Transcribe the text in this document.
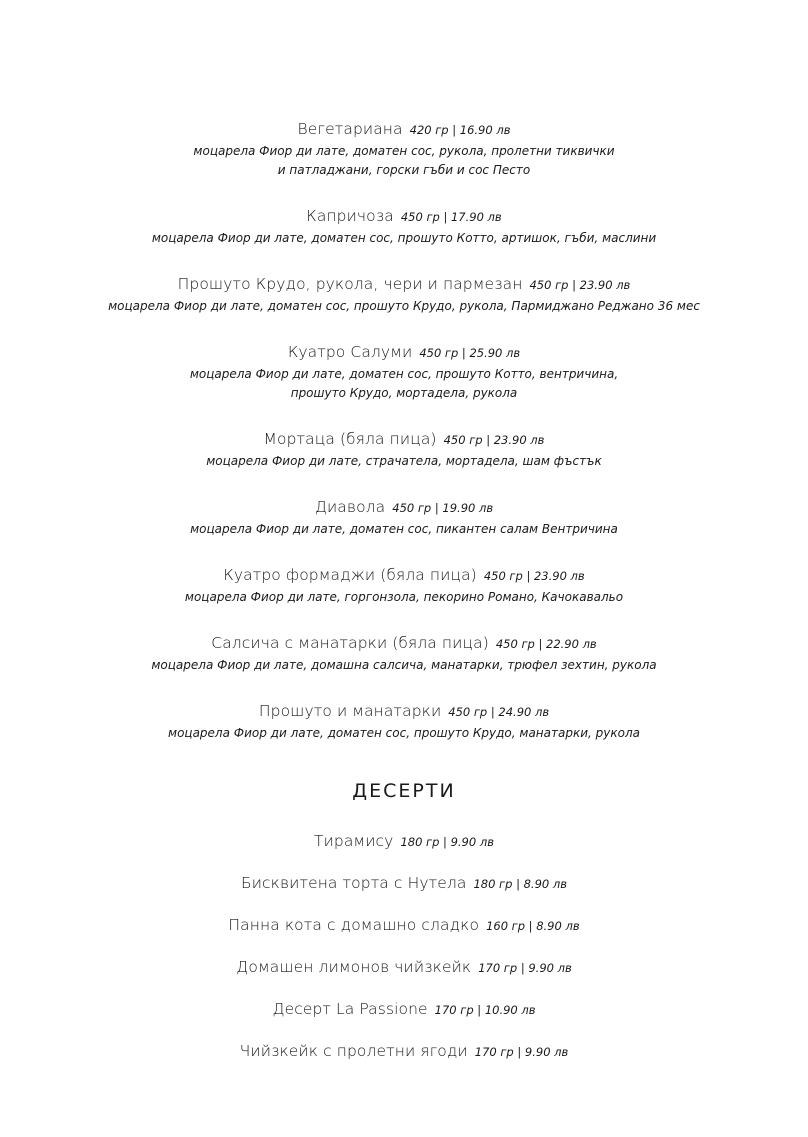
Вегетариана 420 гр | 16.90 лв
моцарела Фиор ди лате, доматен сос, рукола, пролетни тиквички
и патладжани, горски гъби и сос Песто
Капричоза 450 гр | 17.90 лв
моцарела Фиор ди лате, доматен сос, прошуто Котто, артишок, гъби, маслини
Прошуто Крудо, рукола, чери и пармезан 450 гр | 23.90 лв
моцарела Фиор ди лате, доматен сос, прошуто Крудо, рукола, Пармиджано Реджано 36 мес
Куатро Салуми 450 гр | 25.90 лв
моцарела Фиор ди лате, доматен сос, прошуто Котто, вентричина,
прошуто Крудо, мортадела, рукола
Мортаца (бяла пица) 450 гр | 23.90 лв
моцарела Фиор ди лате, страчатела, мортадела, шам фъстък
Диавола 450 гр | 19.90 лв
моцарела Фиор ди лате, доматен сос, пикантен салам Вентричина
Куатро формаджи (бяла пица) 450 гр | 23.90 лв
моцарела Фиор ди лате, горгонзола, пекорино Романо, Качокавальо
Салсича с манатарки (бяла пица) 450 гр | 22.90 лв
моцарела Фиор ди лате, домашна салсича, манатарки, трюфел зехтин, рукола
Прошуто и манатарки 450 гр | 24.90 лв
моцарела Фиор ди лате, доматен сос, прошуто Крудо, манатарки, рукола
ДЕСЕРТИ
Тирамису 180 гр | 9.90 лв
Бисквитена торта с Нутела 180 гр | 8.90 лв
Панна кота с домашно сладко 160 гр | 8.90 лв
Домашен лимонов чийзкейк 170 гр | 9.90 лв
Десерт La Passione 170 гр | 10.90 лв
Чийзкейк с пролетни ягоди 170 гр | 9.90 лв
